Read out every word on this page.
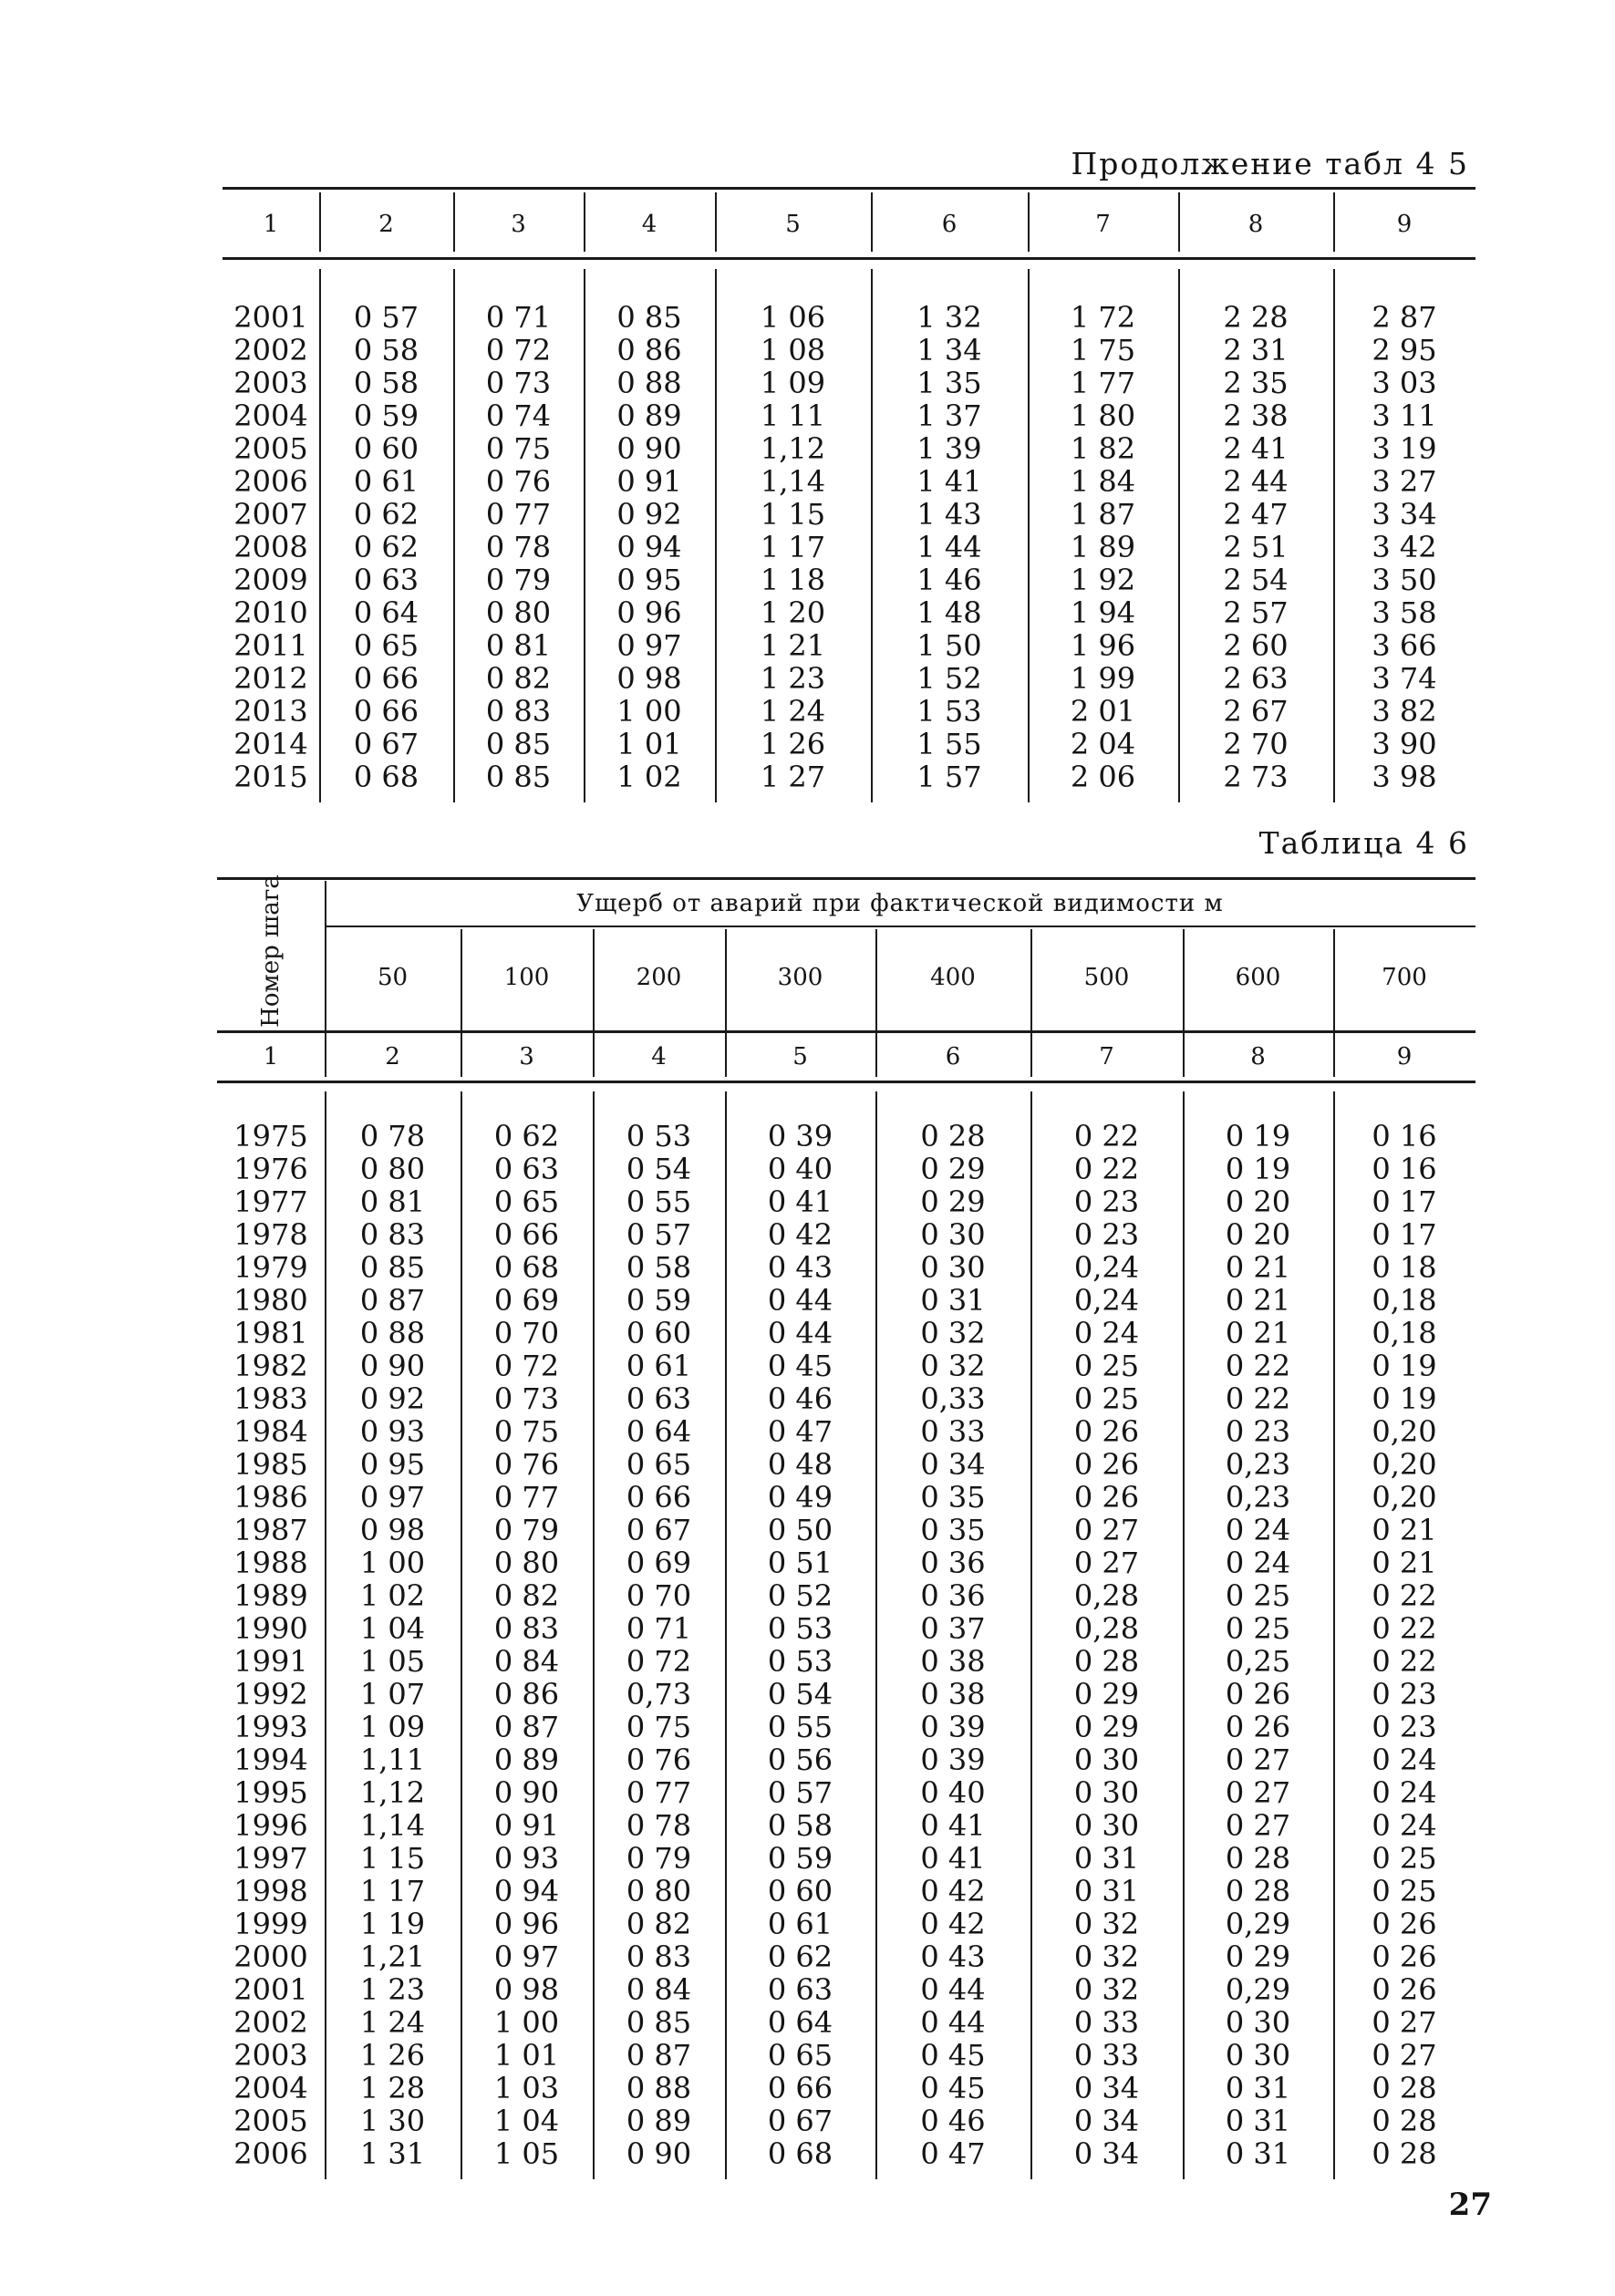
Продолжение табл 4 5
1	2	3	4	5	6	7	8	9
2001	0 57	0 71	0 85	1 06	1 32	1 72	2 28	2 87
2002	0 58	0 72	0 86	1 08	1 34	1 75	2 31	2 95
2003	0 58	0 73	0 88	1 09	1 35	1 77	2 35	3 03
2004	0 59	0 74	0 89	1 11	1 37	1 80	2 38	3 11
2005	0 60	0 75	0 90	1,12	1 39	1 82	2 41	3 19
2006	0 61	0 76	0 91	1,14	1 41	1 84	2 44	3 27
2007	0 62	0 77	0 92	1 15	1 43	1 87	2 47	3 34
2008	0 62	0 78	0 94	1 17	1 44	1 89	2 51	3 42
2009	0 63	0 79	0 95	1 18	1 46	1 92	2 54	3 50
2010	0 64	0 80	0 96	1 20	1 48	1 94	2 57	3 58
2011	0 65	0 81	0 97	1 21	1 50	1 96	2 60	3 66
2012	0 66	0 82	0 98	1 23	1 52	1 99	2 63	3 74
2013	0 66	0 83	1 00	1 24	1 53	2 01	2 67	3 82
2014	0 67	0 85	1 01	1 26	1 55	2 04	2 70	3 90
2015	0 68	0 85	1 02	1 27	1 57	2 06	2 73	3 98
Таблица 4 6
Номер шага	Ущерб от аварий при фактической видимости м
50	100	200	300	400	500	600	700
1	2	3	4	5	6	7	8	9
1975	0 78	0 62	0 53	0 39	0 28	0 22	0 19	0 16
1976	0 80	0 63	0 54	0 40	0 29	0 22	0 19	0 16
1977	0 81	0 65	0 55	0 41	0 29	0 23	0 20	0 17
1978	0 83	0 66	0 57	0 42	0 30	0 23	0 20	0 17
1979	0 85	0 68	0 58	0 43	0 30	0,24	0 21	0 18
1980	0 87	0 69	0 59	0 44	0 31	0,24	0 21	0,18
1981	0 88	0 70	0 60	0 44	0 32	0 24	0 21	0,18
1982	0 90	0 72	0 61	0 45	0 32	0 25	0 22	0 19
1983	0 92	0 73	0 63	0 46	0,33	0 25	0 22	0 19
1984	0 93	0 75	0 64	0 47	0 33	0 26	0 23	0,20
1985	0 95	0 76	0 65	0 48	0 34	0 26	0,23	0,20
1986	0 97	0 77	0 66	0 49	0 35	0 26	0,23	0,20
1987	0 98	0 79	0 67	0 50	0 35	0 27	0 24	0 21
1988	1 00	0 80	0 69	0 51	0 36	0 27	0 24	0 21
1989	1 02	0 82	0 70	0 52	0 36	0,28	0 25	0 22
1990	1 04	0 83	0 71	0 53	0 37	0,28	0 25	0 22
1991	1 05	0 84	0 72	0 53	0 38	0 28	0,25	0 22
1992	1 07	0 86	0,73	0 54	0 38	0 29	0 26	0 23
1993	1 09	0 87	0 75	0 55	0 39	0 29	0 26	0 23
1994	1,11	0 89	0 76	0 56	0 39	0 30	0 27	0 24
1995	1,12	0 90	0 77	0 57	0 40	0 30	0 27	0 24
1996	1,14	0 91	0 78	0 58	0 41	0 30	0 27	0 24
1997	1 15	0 93	0 79	0 59	0 41	0 31	0 28	0 25
1998	1 17	0 94	0 80	0 60	0 42	0 31	0 28	0 25
1999	1 19	0 96	0 82	0 61	0 42	0 32	0,29	0 26
2000	1,21	0 97	0 83	0 62	0 43	0 32	0 29	0 26
2001	1 23	0 98	0 84	0 63	0 44	0 32	0,29	0 26
2002	1 24	1 00	0 85	0 64	0 44	0 33	0 30	0 27
2003	1 26	1 01	0 87	0 65	0 45	0 33	0 30	0 27
2004	1 28	1 03	0 88	0 66	0 45	0 34	0 31	0 28
2005	1 30	1 04	0 89	0 67	0 46	0 34	0 31	0 28
2006	1 31	1 05	0 90	0 68	0 47	0 34	0 31	0 28
27
